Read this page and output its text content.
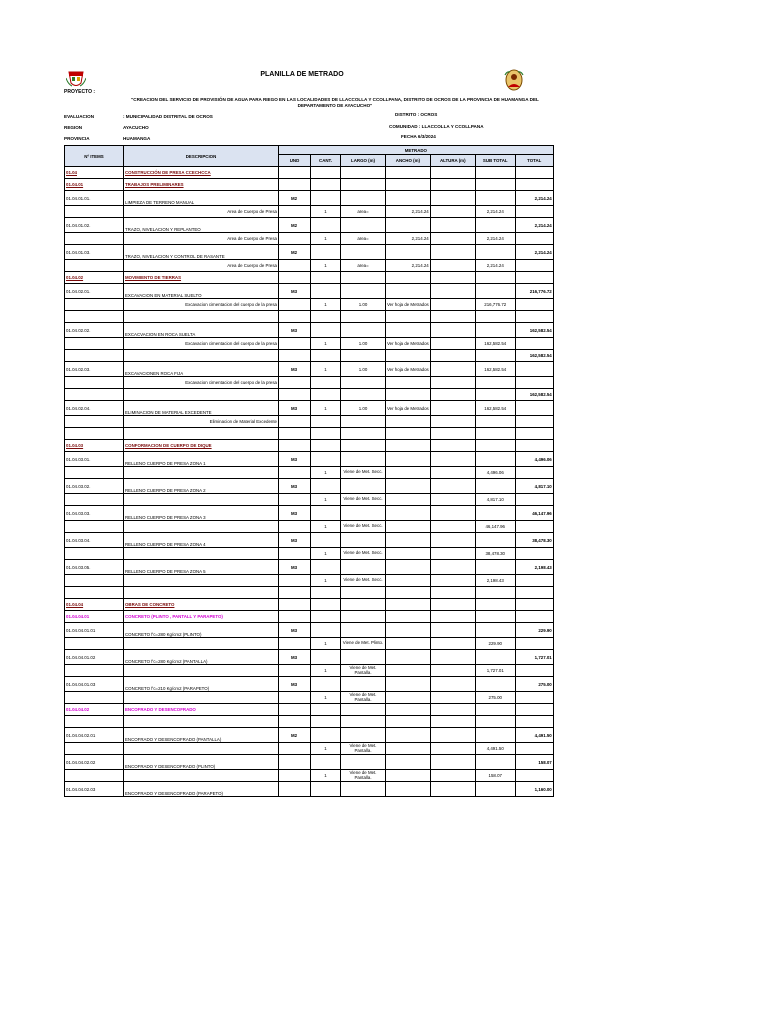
PLANILLA DE METRADO
PROYECTO :
"CREACION DEL SERVICIO DE PROVISIÓN DE AGUA PARA RIEGO EN LAS LOCALIDADES DE LLACCOLLA Y CCOLLPANA, DISTRITO DE OCROS DE LA PROVINCIA DE HUAMANGA DEL DEPARTAMENTO DE AYACUCHO"
EVALUACION	: MUNICIPALIDAD DISTRITAL DE OCROS	DISTRITO : OCROS
REGION	AYACUCHO	COMUNIDAD : LLACCOLLA Y CCOLLPANA
PROVINCIA	HUAMANGA	FECHA 6/3/2024
Nº ITEMS	DESCRIPCION	METRADO						
		UND	CANT.	LARGO (m)	ANCHO (m)	ALTURA (m)	SUB TOTAL	TOTAL
01.04	CONSTRUCCIÓN DE PRESA CCECHCCA							
01.04.01	TRABAJOS PRELIMINARES							
01.04.01.01.	LIMPIEZA DE TERRENO MANUAL	M2						2,214.24
	Area de Cuerpo de Presa		1	area=	2,214.24		2,214.24	
01.04.01.02.	TRAZO, NIVELACION Y REPLANTEO	M2						2,214.24
	Area de Cuerpo de Presa		1	area=	2,214.24		2,214.24	
01.04.01.03.	TRAZO, NIVELACION Y CONTROL DE RASANTE	M2						2,214.24
	Area de Cuerpo de Presa		1	area=	2,214.24		2,214.24	
01.04.02	MOVIMIENTO DE TIERRAS							
01.04.02.01.	EXCAVACION EN MATERIAL SUELTO	M3						216,776.72
	Excavacion cimentacion del cuerpo de la presa		1	1.00	Ver hoja de Metrados		216,776.72	

01.04.02.02.	EXCACVACION EN ROCA SUELTA	M3						162,582.54
	Excavacion cimentacion del cuerpo de la presa		1	1.00	Ver hoja de Metrados		162,582.54	
								162,582.54
01.04.02.03.	EXCAVACIONEN ROCA FIJA	M3	1	1.00	Ver hoja de Metrados		162,582.54	
	Excavacion cimentacion del cuerpo de la presa							
								162,582.54
01.04.02.04.	ELIMINACION DE MATERIAL EXCEDENTE	M3	1	1.00	Ver hoja de Metrados		162,582.54	
	Eliminacion de Material Excedente							

01.04.03	CONFORMACION DE CUERPO DE DIQUE							
01.04.03.01.	RELLENO CUERPO DE PRESA ZONA 1	M3						4,496.06
			1	Viene de Met. Secc.			4,496.06	
01.04.03.02.	RELLENO CUERPO DE PRESA ZONA 2	M3						4,817.10
			1	Viene de Met. Secc.			4,817.10	
01.04.03.03.	RELLENO CUERPO DE PRESA ZONA 3	M3						46,147.96
			1	Viene de Met. Secc.			46,147.96	
01.04.03.04.	RELLENO CUERPO DE PRESA ZONA 4	M3						38,478.30
			1	Viene de Met. Secc.			38,478.30	
01.04.03.05.	RELLENO CUERPO DE PRESA ZONA 5	M3						2,198.43
			1	Viene de Met. Secc.			2,198.43	

01.04.04	OBRAS DE CONCRETO							
01.04.04.01	CONCRETO (PLINTO , PANTALL Y PARAPETO)							
01.04.04.01.01	CONCRETO f'c=280 Kg/cm2 (PLINTO)	M3						229.90
			1	Viene de Met. Plinto.			229.90	
01.04.04.01.02	CONCRETO f'c=280 Kg/cm2 (PANTALLA)	M3						1,727.01
			1	Viene de Met. Pantalla.			1,727.01	
01.04.04.01.03	CONCRETO f'c=210 Kg/cm2 (PARAPETO)	M3						275.00
			1	Viene de Met. Pantalla.			275.00	
01.04.04.02	ENCOFRADO Y DESENCOFRADO							

01.04.04.02.01	ENCOFRADO Y DESENCOFRADO (PANTALLA)	M2						4,491.50
			1	Viene de Met. Pantalla.			4,491.50	
01.04.04.02.02	ENCOFRADO Y DESENCOFRADO (PLINTO)							158.07
			1	Viene de Met. Pantalla.			158.07	
01.04.04.02.03	ENCOFRADO Y DESENCOFRADO (PARAPETO)							1,160.00
